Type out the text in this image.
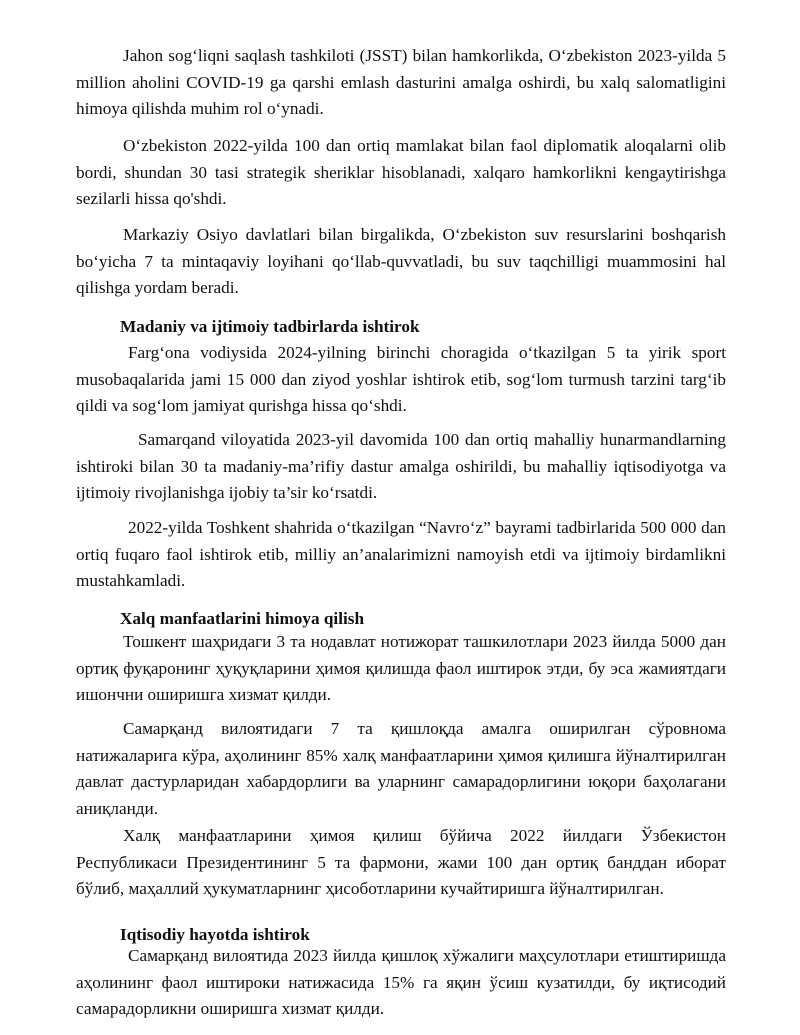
Jahon sog‘liqni saqlash tashkiloti (JSST) bilan hamkorlikda, O‘zbekiston 2023-yilda 5 million aholini COVID-19 ga qarshi emlash dasturini amalga oshirdi, bu xalq salomatligini himoya qilishda muhim rol o‘ynadi.

O‘zbekiston 2022-yilda 100 dan ortiq mamlakat bilan faol diplomatik aloqalarni olib bordi, shundan 30 tasi strategik sheriklar hisoblanadi, xalqaro hamkorlikni kengaytirishga sezilarli hissa qo'shdi.

Markaziy Osiyo davlatlari bilan birgalikda, O‘zbekiston suv resurslarini boshqarish bo‘yicha 7 ta mintaqaviy loyihani qo‘llab-quvvatladi, bu suv taqchilligi muammosini hal qilishga yordam beradi.

Madaniy va ijtimoiy tadbirlarda ishtirok

Farg‘ona vodiysida 2024-yilning birinchi choragida o‘tkazilgan 5 ta yirik sport musobaqalarida jami 15 000 dan ziyod yoshlar ishtirok etib, sog‘lom turmush tarzini targ‘ib qildi va sog‘lom jamiyat qurishga hissa qo‘shdi.

Samarqand viloyatida 2023-yil davomida 100 dan ortiq mahalliy hunarmandlarning ishtiroki bilan 30 ta madaniy-ma’rifiy dastur amalga oshirildi, bu mahalliy iqtisodiyotga va ijtimoiy rivojlanishga ijobiy ta’sir ko‘rsatdi.

2022-yilda Toshkent shahrida o‘tkazilgan “Navro‘z” bayrami tadbirlarida 500 000 dan ortiq fuqaro faol ishtirok etib, milliy an’analarimizni namoyish etdi va ijtimoiy birdamlikni mustahkamladi.

Xalq manfaatlarini himoya qilish

Тошкент шаҳридаги 3 та нодавлат нотижорат ташкилотлари 2023 йилда 5000 дан ортиқ фуқаронинг ҳуқуқларини ҳимоя қилишда фаол иштирок этди, бу эса жамиятдаги ишончни оширишга хизмат қилди.

Самарқанд вилоятидаги 7 та қишлоқда амалга оширилган сўровнома натижаларига кўра, аҳолининг 85% халқ манфаатларини ҳимоя қилишга йўналтирилган давлат дастурларидан хабардорлиги ва уларнинг самарадорлигини юқори баҳолагани аниқланди.

Халқ манфаатларини ҳимоя қилиш бўйича 2022 йилдаги Ўзбекистон Республикаси Президентининг 5 та фармони, жами 100 дан ортиқ банддан иборат бўлиб, маҳаллий ҳукуматларнинг ҳисоботларини кучайтиришга йўналтирилган.

Iqtisodiy hayotda ishtirok

Самарқанд вилоятида 2023 йилда қишлоқ хўжалиги маҳсулотлари етиштиришда аҳолининг фаол иштироки натижасида 15% га яқин ўсиш кузатилди, бу иқтисодий самарадорликни оширишга хизмат қилди.
